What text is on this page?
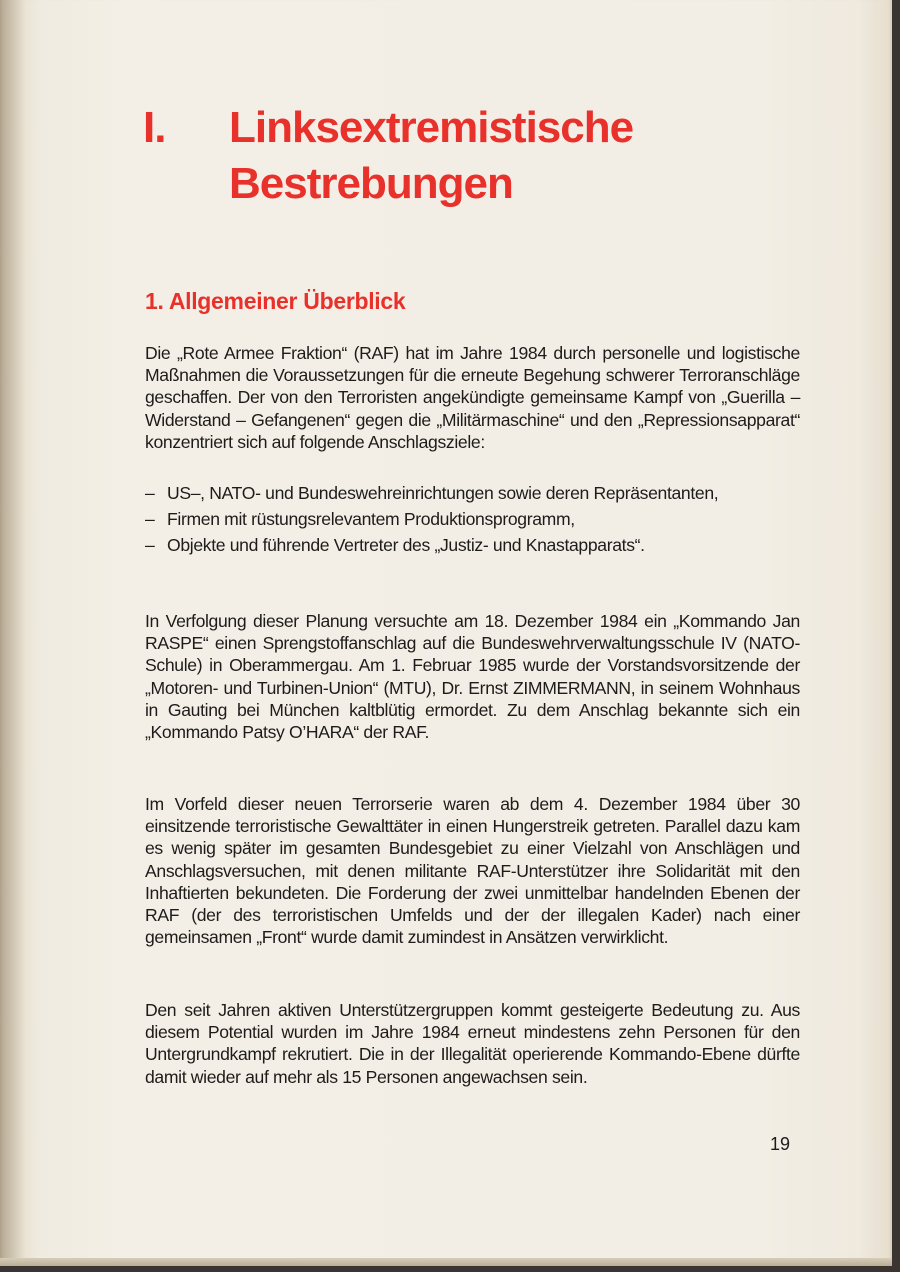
I. Linksextremistische Bestrebungen
1. Allgemeiner Überblick

Die „Rote Armee Fraktion“ (RAF) hat im Jahre 1984 durch personelle und logistische Maßnahmen die Voraussetzungen für die erneute Begehung schwerer Terroranschläge geschaffen. Der von den Terroristen angekündigte gemeinsame Kampf von „Guerilla – Widerstand – Gefangenen“ gegen die „Militärmaschine“ und den „Repressionsapparat“ konzentriert sich auf folgende Anschlagsziele:

– US–, NATO- und Bundeswehreinrichtungen sowie deren Repräsentanten,
– Firmen mit rüstungsrelevantem Produktionsprogramm,
– Objekte und führende Vertreter des „Justiz- und Knastapparats“.

In Verfolgung dieser Planung versuchte am 18. Dezember 1984 ein „Kommando Jan RASPE“ einen Sprengstoffanschlag auf die Bundeswehrverwaltungsschule IV (NATO-Schule) in Oberammergau. Am 1. Februar 1985 wurde der Vorstandsvorsitzende der „Motoren- und Turbinen-Union“ (MTU), Dr. Ernst ZIMMERMANN, in seinem Wohnhaus in Gauting bei München kaltblütig ermordet. Zu dem Anschlag bekannte sich ein „Kommando Patsy O’HARA“ der RAF.

Im Vorfeld dieser neuen Terrorserie waren ab dem 4. Dezember 1984 über 30 einsitzende terroristische Gewalttäter in einen Hungerstreik getreten. Parallel dazu kam es wenig später im gesamten Bundesgebiet zu einer Vielzahl von Anschlägen und Anschlagsversuchen, mit denen militante RAF-Unterstützer ihre Solidarität mit den Inhaftierten bekundeten. Die Forderung der zwei unmittelbar handelnden Ebenen der RAF (der des terroristischen Umfelds und der der illegalen Kader) nach einer gemeinsamen „Front“ wurde damit zumindest in Ansätzen verwirklicht.

Den seit Jahren aktiven Unterstützergruppen kommt gesteigerte Bedeutung zu. Aus diesem Potential wurden im Jahre 1984 erneut mindestens zehn Personen für den Untergrundkampf rekrutiert. Die in der Illegalität operierende Kommando-Ebene dürfte damit wieder auf mehr als 15 Personen angewachsen sein.

19
